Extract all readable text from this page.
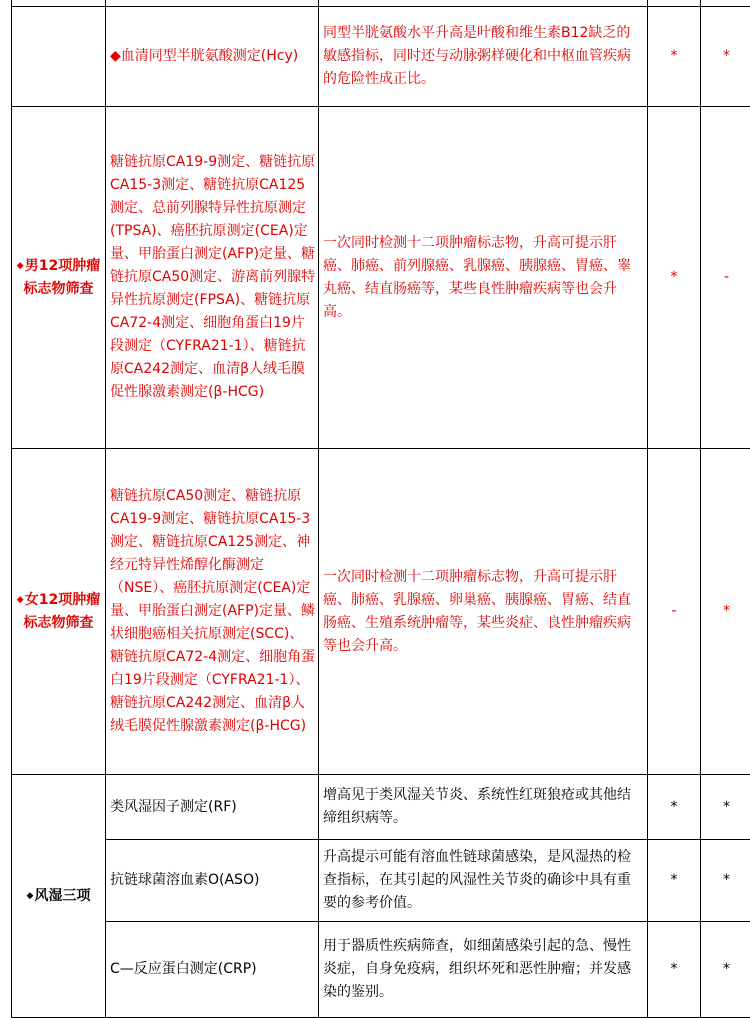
	◆血清同型半胱氨酸测定(Hcy)	同型半胱氨酸水平升高是叶酸和维生素B12缺乏的敏感指标，同时还与动脉粥样硬化和中枢血管疾病的危险性成正比。	*	*
◆男12项肿瘤标志物筛查	糖链抗原CA19-9测定、糖链抗原CA15-3测定、糖链抗原CA125测定、总前列腺特异性抗原测定(TPSA)、癌胚抗原测定(CEA)定量、甲胎蛋白测定(AFP)定量、糖链抗原CA50测定、游离前列腺特异性抗原测定(FPSA)、糖链抗原CA72-4测定、细胞角蛋白19片段测定（CYFRA21-1）、糖链抗原CA242测定、血清β人绒毛膜促性腺激素测定(β-HCG)	一次同时检测十二项肿瘤标志物，升高可提示肝癌、肺癌、前列腺癌、乳腺癌、胰腺癌、胃癌、睾丸癌、结直肠癌等，某些良性肿瘤疾病等也会升高。	*	-
◆女12项肿瘤标志物筛查	糖链抗原CA50测定、糖链抗原CA19-9测定、糖链抗原CA15-3测定、糖链抗原CA125测定、神经元特异性烯醇化酶测定（NSE）、癌胚抗原测定(CEA)定量、甲胎蛋白测定(AFP)定量、鳞状细胞癌相关抗原测定(SCC)、糖链抗原CA72-4测定、细胞角蛋白19片段测定（CYFRA21-1）、糖链抗原CA242测定、血清β人绒毛膜促性腺激素测定(β-HCG)	一次同时检测十二项肿瘤标志物，升高可提示肝癌、肺癌、乳腺癌、卵巢癌、胰腺癌、胃癌、结直肠癌、生殖系统肿瘤等，某些炎症、良性肿瘤疾病等也会升高。	-	*
◆风湿三项	类风湿因子测定(RF)	增高见于类风湿关节炎、系统性红斑狼疮或其他结缔组织病等。	*	*
	抗链球菌溶血素O(ASO)	升高提示可能有溶血性链球菌感染，是风湿热的检查指标，在其引起的风湿性关节炎的确诊中具有重要的参考价值。	*	*
	C—反应蛋白测定(CRP)	用于器质性疾病筛查，如细菌感染引起的急、慢性炎症，自身免疫病，组织坏死和恶性肿瘤；并发感染的鉴别。	*	*
